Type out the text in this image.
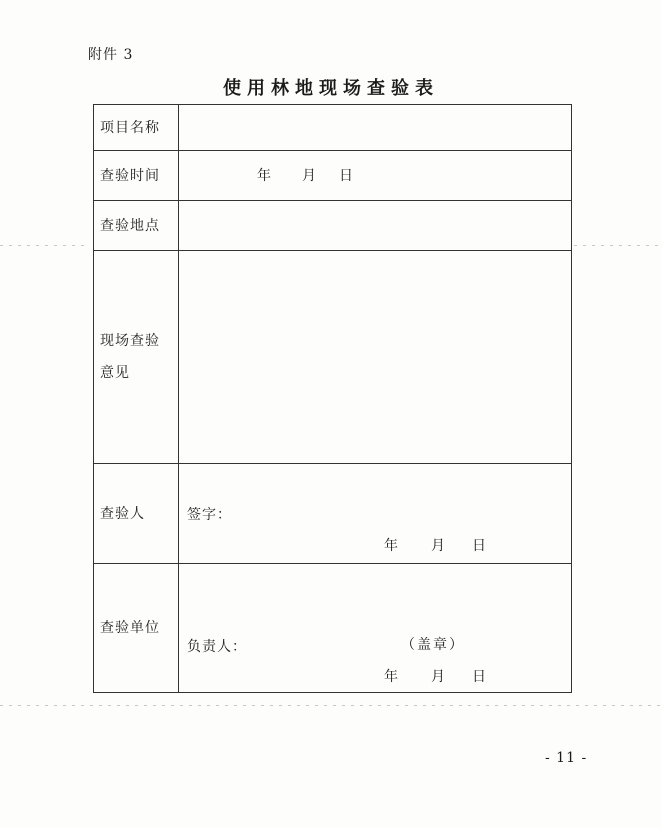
附件 3
使用林地现场查验表
项目名称	
查验时间	年 月 日

查验地点	

现场查验
意见	

查验人	签字：
年 月 日

查验单位	负责人： （盖章）
年 月 日
- 11 -
